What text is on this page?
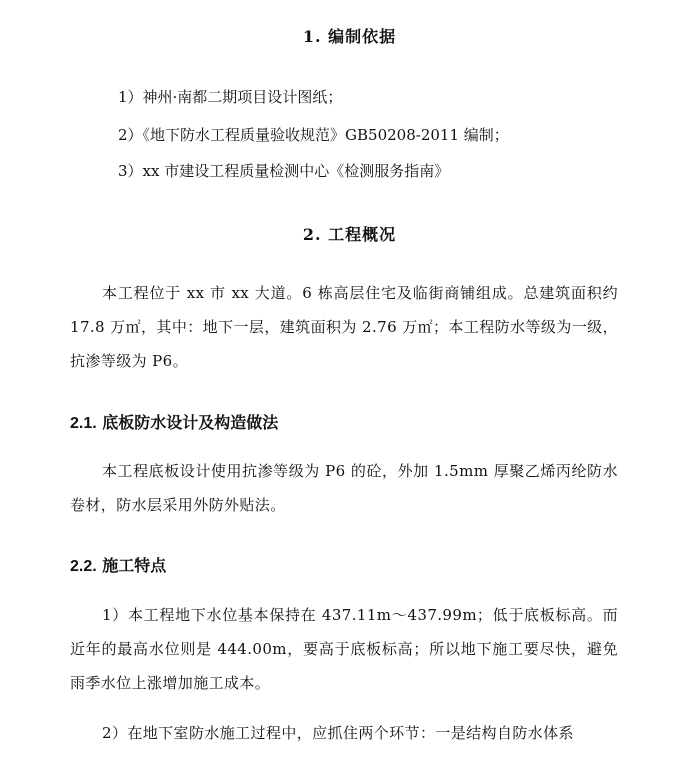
1. 编制依据
1）神州·南都二期项目设计图纸；
2）《地下防水工程质量验收规范》GB50208-2011 编制；
3）xx 市建设工程质量检测中心《检测服务指南》
2. 工程概况
本工程位于 xx 市 xx 大道。6 栋高层住宅及临街商铺组成。总建筑面积约 17.8 万㎡，其中：地下一层，建筑面积为 2.76 万㎡；本工程防水等级为一级，抗渗等级为 P6。
2.1. 底板防水设计及构造做法
本工程底板设计使用抗渗等级为 P6 的砼，外加 1.5mm 厚聚乙烯丙纶防水卷材，防水层采用外防外贴法。
2.2. 施工特点
1）本工程地下水位基本保持在 437.11m～437.99m；低于底板标高。而近年的最高水位则是 444.00m，要高于底板标高；所以地下施工要尽快，避免雨季水位上涨增加施工成本。
2）在地下室防水施工过程中，应抓住两个环节：一是结构自防水体系
